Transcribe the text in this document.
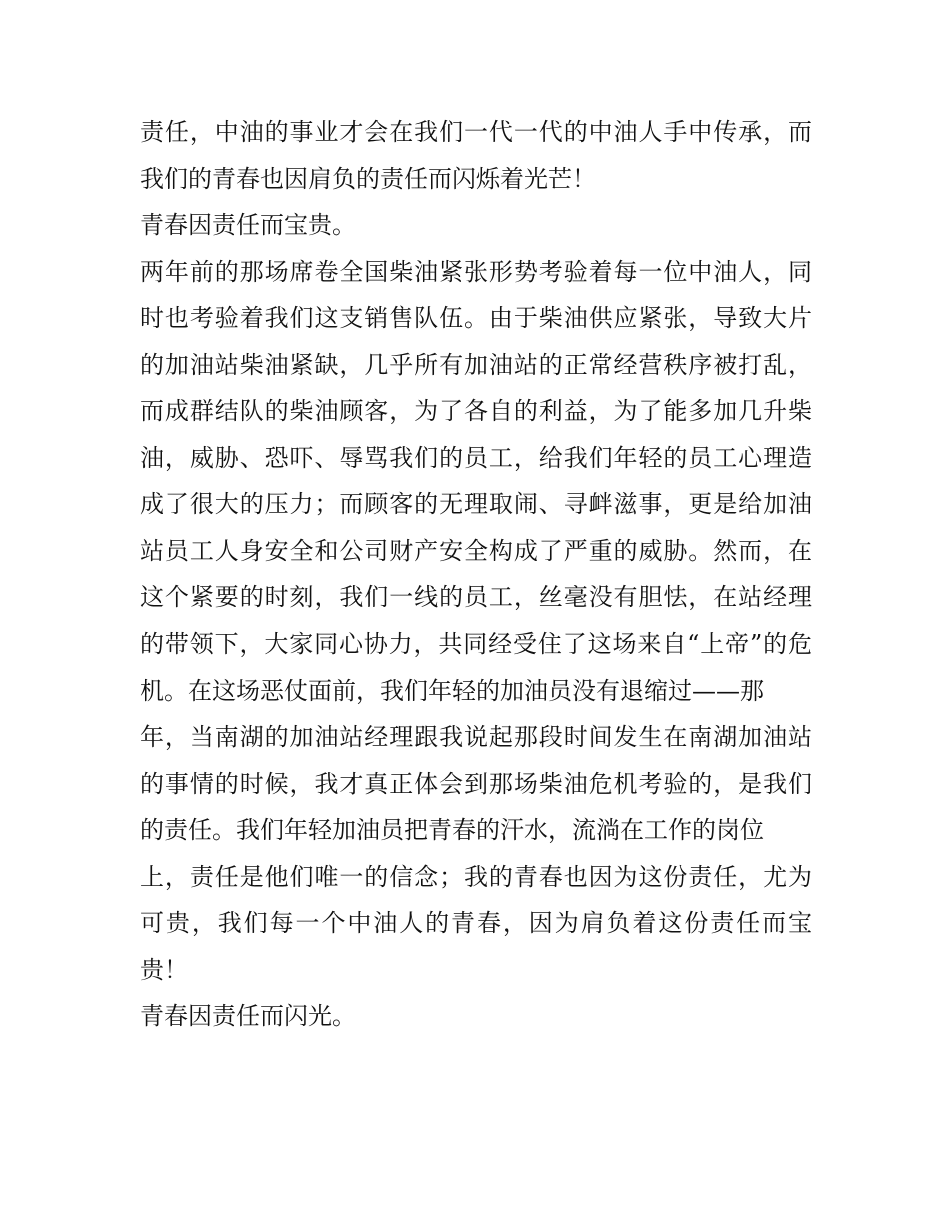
责任，中油的事业才会在我们一代一代的中油人手中传承，而
我们的青春也因肩负的责任而闪烁着光芒！
青春因责任而宝贵。
两年前的那场席卷全国柴油紧张形势考验着每一位中油人，同
时也考验着我们这支销售队伍。由于柴油供应紧张，导致大片
的加油站柴油紧缺，几乎所有加油站的正常经营秩序被打乱，
而成群结队的柴油顾客，为了各自的利益，为了能多加几升柴
油，威胁、恐吓、辱骂我们的员工，给我们年轻的员工心理造
成了很大的压力；而顾客的无理取闹、寻衅滋事，更是给加油
站员工人身安全和公司财产安全构成了严重的威胁。然而，在
这个紧要的时刻，我们一线的员工，丝毫没有胆怯，在站经理
的带领下，大家同心协力，共同经受住了这场来自“上帝”的危
机。在这场恶仗面前，我们年轻的加油员没有退缩过——那
年，当南湖的加油站经理跟我说起那段时间发生在南湖加油站
的事情的时候，我才真正体会到那场柴油危机考验的，是我们
的责任。我们年轻加油员把青春的汗水，流淌在工作的岗位
上，责任是他们唯一的信念；我的青春也因为这份责任，尤为
可贵，我们每一个中油人的青春，因为肩负着这份责任而宝
贵！
青春因责任而闪光。
